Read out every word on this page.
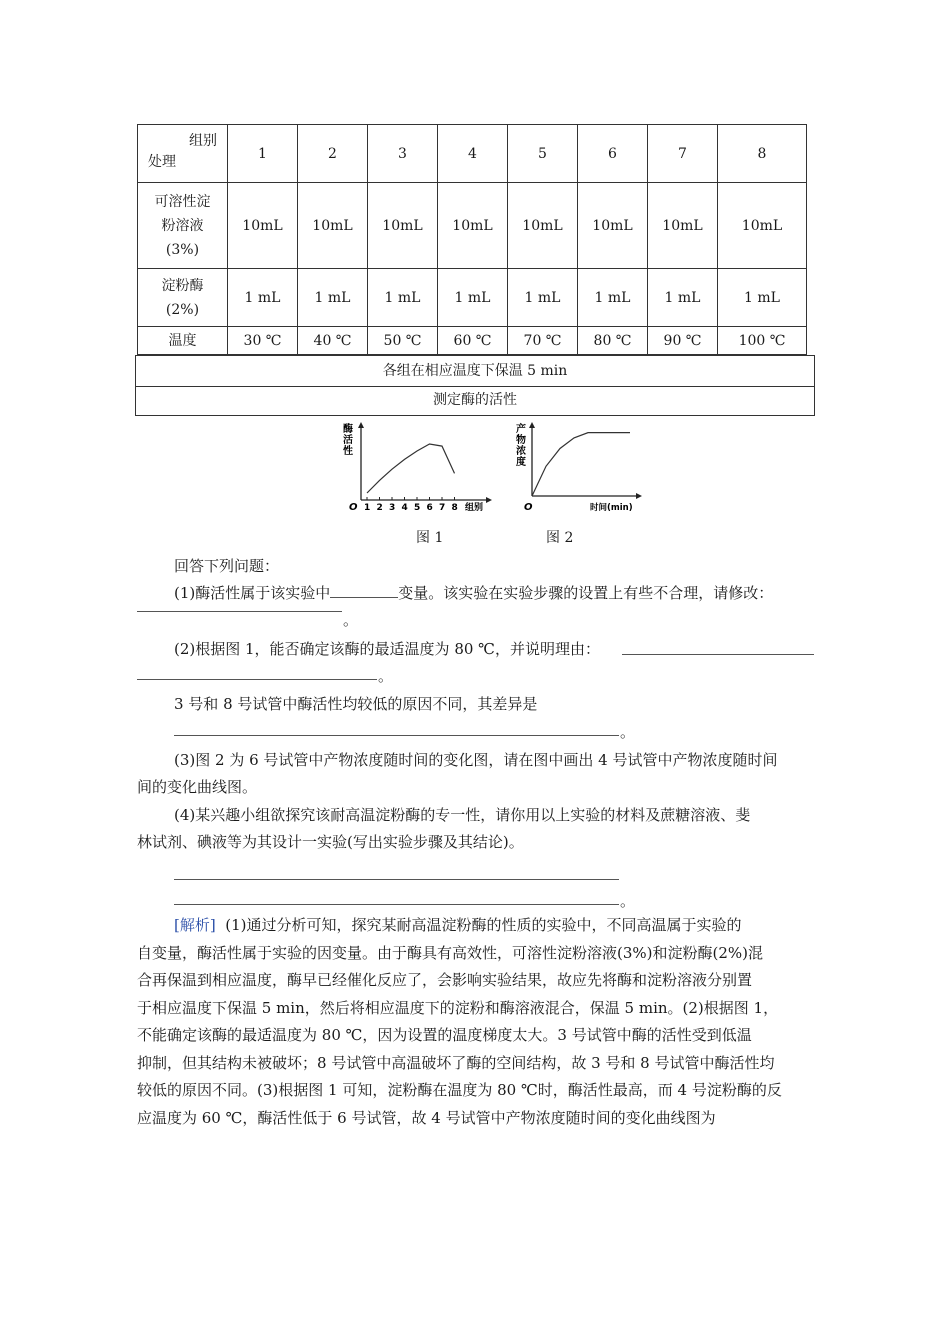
组别
处理	1	2	3	4	5	6	7	8

可溶性淀
粉溶液
(3%)	10mL	10mL	10mL	10mL	10mL	10mL	10mL	10mL

淀粉酶
(2%)	1 mL	1 mL	1 mL	1 mL	1 mL	1 mL	1 mL	1 mL

温度	30 ℃	40 ℃	50 ℃	60 ℃	70 ℃	80 ℃	90 ℃	100 ℃
各组在相应温度下保温 5 min
测定酶的活性
酶
活
性
O 1 2 3 4 5 6 7 8 组别
产
物
浓
度
O	时间(min)
图 1	图 2
回答下列问题：
(1)酶活性属于该实验中	变量。该实验在实验步骤的设置上有些不合理，请修改：
。
(2)根据图 1，能否确定该酶的最适温度为 80 ℃，并说明理由：
。
3 号和 8 号试管中酶活性均较低的原因不同，其差异是
。
(3)图 2 为 6 号试管中产物浓度随时间的变化图，请在图中画出 4 号试管中产物浓度随时间
间的变化曲线图。
(4)某兴趣小组欲探究该耐高温淀粉酶的专一性，请你用以上实验的材料及蔗糖溶液、斐
林试剂、碘液等为其设计一实验(写出实验步骤及其结论)。
。
[解析] (1)通过分析可知，探究某耐高温淀粉酶的性质的实验中，不同高温属于实验的
自变量，酶活性属于实验的因变量。由于酶具有高效性，可溶性淀粉溶液(3%)和淀粉酶(2%)混
合再保温到相应温度，酶早已经催化反应了，会影响实验结果，故应先将酶和淀粉溶液分别置
于相应温度下保温 5 min，然后将相应温度下的淀粉和酶溶液混合，保温 5 min。(2)根据图 1，
不能确定该酶的最适温度为 80 ℃，因为设置的温度梯度太大。3 号试管中酶的活性受到低温
抑制，但其结构未被破坏；8 号试管中高温破坏了酶的空间结构，故 3 号和 8 号试管中酶活性均
较低的原因不同。(3)根据图 1 可知，淀粉酶在温度为 80 ℃时，酶活性最高，而 4 号淀粉酶的反
应温度为 60 ℃，酶活性低于 6 号试管，故 4 号试管中产物浓度随时间的变化曲线图为
